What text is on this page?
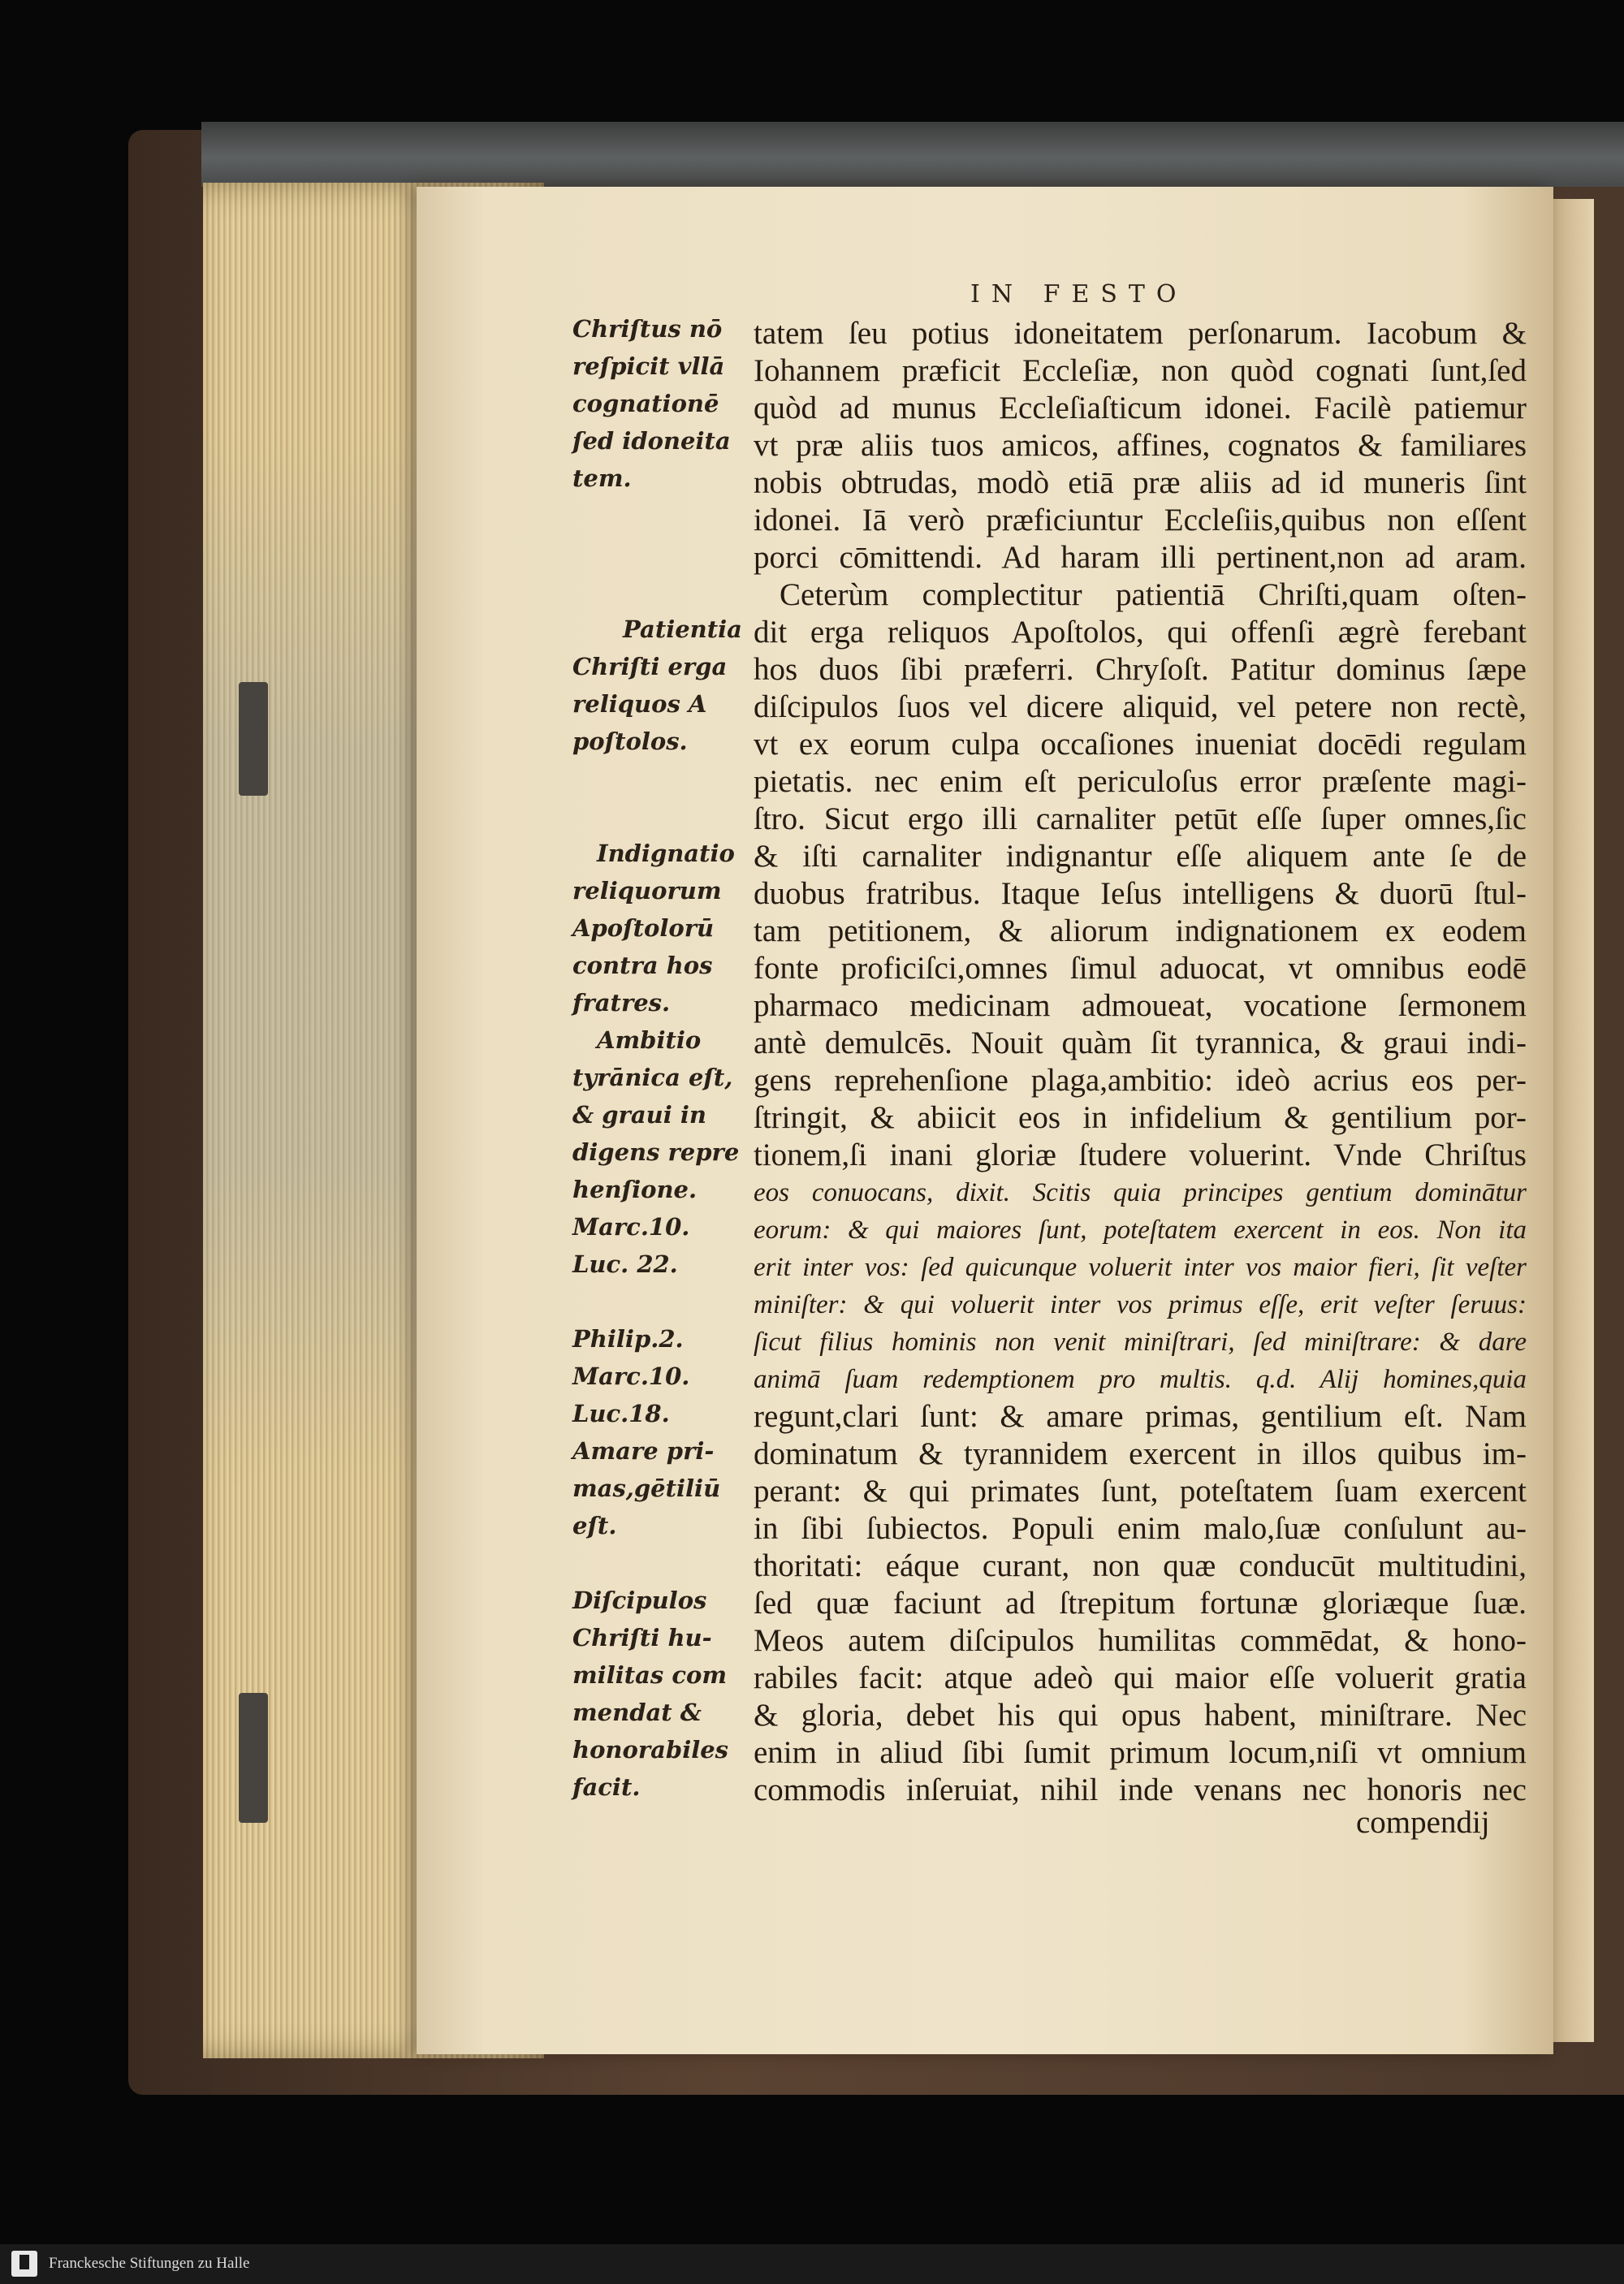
IN FESTO
Chriſtus nō
reſpicit vllā
cognationē
ſed idoneita
tem.
Patientia
Chriſti erga
reliquos A
poſtolos.
Indignatio
reliquorum
Apoſtolorū
contra hos
fratres.
Ambitio
tyrānica eſt,
& graui in
digens repre
henſione.
Marc.10.
Luc. 22.
Philip.2.
Marc.10.
Luc.18.
Amare pri-
mas,gētiliū
eſt.
Diſcipulos
Chriſti hu-
militas com
mendat &
honorabiles
facit.
tatem ſeu potius idoneitatem perſonarum. Iacobum &
Iohannem præficit Eccleſiæ, non quòd cognati ſunt,ſed
quòd ad munus Eccleſiaſticum idonei. Facilè patiemur
vt præ aliis tuos amicos, affines, cognatos & familiares
nobis obtrudas, modò etiā præ aliis ad id muneris ſint
idonei. Iā verò præficiuntur Eccleſiis,quibus non eſſent
porci cōmittendi. Ad haram illi pertinent,non ad aram.
Ceterùm complectitur patientiā Chriſti,quam oſten-
dit erga reliquos Apoſtolos, qui offenſi ægrè ferebant
hos duos ſibi præferri. Chryſoſt. Patitur dominus ſæpe
diſcipulos ſuos vel dicere aliquid, vel petere non rectè,
vt ex eorum culpa occaſiones inueniat docēdi regulam
pietatis. nec enim eſt periculoſus error præſente magi-
ſtro. Sicut ergo illi carnaliter petūt eſſe ſuper omnes,ſic
& iſti carnaliter indignantur eſſe aliquem ante ſe de
duobus fratribus. Itaque Ieſus intelligens & duorū ſtul-
tam petitionem, & aliorum indignationem ex eodem
fonte proficiſci,omnes ſimul aduocat, vt omnibus eodē
pharmaco medicinam admoueat, vocatione ſermonem
antè demulcēs. Nouit quàm ſit tyrannica, & graui indi-
gens reprehenſione plaga,ambitio: ideò acrius eos per-
ſtringit, & abiicit eos in infidelium & gentilium por-
tionem,ſi inani gloriæ ſtudere voluerint. Vnde Chriſtus
eos conuocans, dixit. Scitis quia principes gentium dominātur
eorum: & qui maiores ſunt, poteſtatem exercent in eos. Non ita
erit inter vos: ſed quicunque voluerit inter vos maior fieri, ſit veſter
miniſter: & qui voluerit inter vos primus eſſe, erit veſter ſeruus:
ſicut filius hominis non venit miniſtrari, ſed miniſtrare: & dare
animā ſuam redemptionem pro multis. q.d. Alij homines,quia
regunt,clari ſunt: & amare primas, gentilium eſt. Nam
dominatum & tyrannidem exercent in illos quibus im-
perant: & qui primates ſunt, poteſtatem ſuam exercent
in ſibi ſubiectos. Populi enim malo,ſuæ conſulunt au-
thoritati: eáque curant, non quæ conducūt multitudini,
ſed quæ faciunt ad ſtrepitum fortunæ gloriæque ſuæ.
Meos autem diſcipulos humilitas commēdat, & hono-
rabiles facit: atque adeò qui maior eſſe voluerit gratia
& gloria, debet his qui opus habent, miniſtrare. Nec
enim in aliud ſibi ſumit primum locum,niſi vt omnium
commodis inſeruiat, nihil inde venans nec honoris nec
compendij
Franckesche Stiftungen zu Halle
